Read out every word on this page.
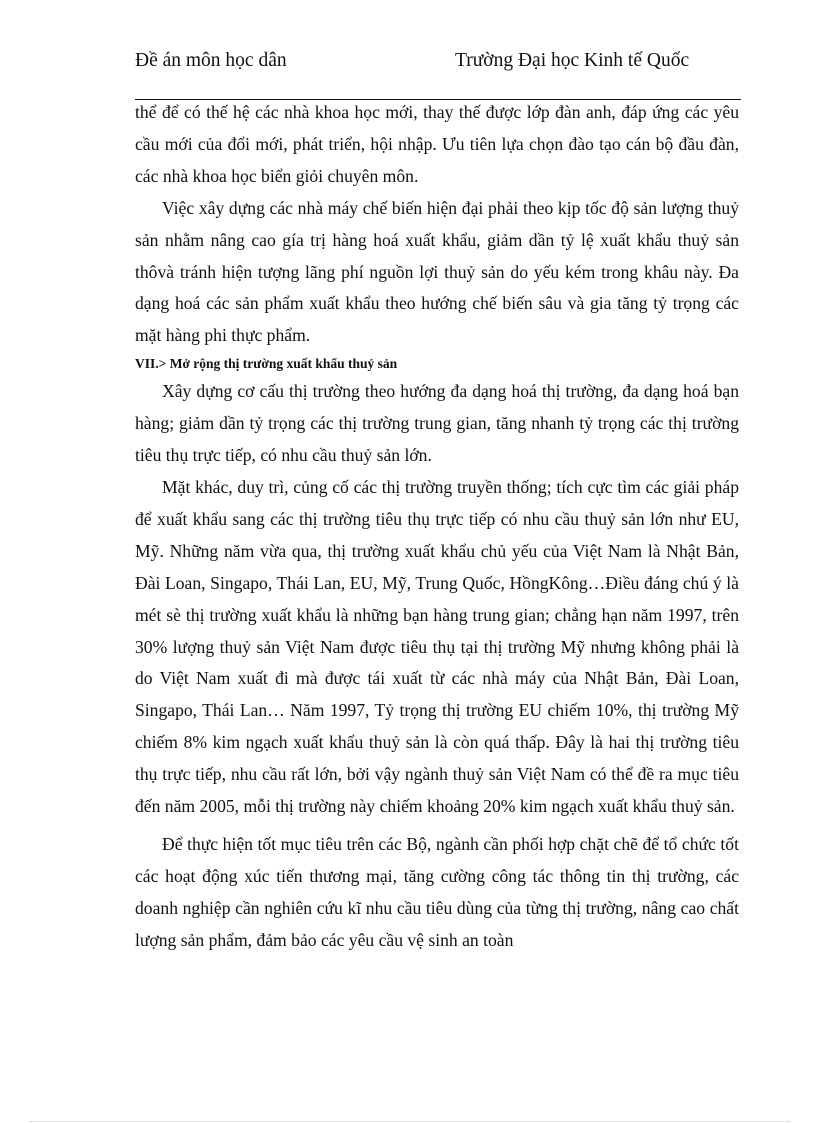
Đề án môn học dân	Trường Đại học Kinh tế Quốc

thể để có thế hệ các nhà khoa học mới, thay thế được lớp đàn anh, đáp ứng các yêu cầu mới của đổi mới, phát triển, hội nhập. Ưu tiên lựa chọn đào tạo cán bộ đầu đàn, các nhà khoa học biển giỏi chuyên môn.

Việc xây dựng các nhà máy chế biến hiện đại phải theo kịp tốc độ sản lượng thuỷ sản nhằm nâng cao gía trị hàng hoá xuất khẩu, giảm dần tỷ lệ xuất khẩu thuỷ sản thôvà tránh hiện tượng lãng phí nguồn lợi thuỷ sản do yếu kém trong khâu này. Đa dạng hoá các sản phẩm xuất khẩu theo hướng chế biến sâu và gia tăng tỷ trọng các mặt hàng phi thực phẩm.

VII.> Mở rộng thị trường xuất khẩu thuỷ sản

Xây dựng cơ cấu thị trường theo hướng đa dạng hoá thị trường, đa dạng hoá bạn hàng; giảm dần tỷ trọng các thị trường trung gian, tăng nhanh tỷ trọng các thị trường tiêu thụ trực tiếp, có nhu cầu thuỷ sản lớn.

Mặt khác, duy trì, củng cố các thị trường truyền thống; tích cực tìm các giải pháp để xuất khẩu sang các thị trường tiêu thụ trực tiếp có nhu cầu thuỷ sản lớn như EU, Mỹ. Những năm vừa qua, thị trường xuất khẩu chủ yếu của Việt Nam là Nhật Bản, Đài Loan, Singapo, Thái Lan, EU, Mỹ, Trung Quốc, HồngKông…Điều đáng chú ý là mét sè thị trường xuất khẩu là những bạn hàng trung gian; chẳng hạn năm 1997, trên 30% lượng thuỷ sản Việt Nam được tiêu thụ tại thị trường Mỹ nhưng không phải là do Việt Nam xuất đi mà được tái xuất từ các nhà máy của Nhật Bản, Đài Loan, Singapo, Thái Lan… Năm 1997, Tỷ trọng thị trường EU chiếm 10%, thị trường Mỹ chiếm 8% kim ngạch xuất khẩu thuỷ sản là còn quá thấp. Đây là hai thị trường tiêu thụ trực tiếp, nhu cầu rất lớn, bởi vậy ngành thuỷ sản Việt Nam có thể đề ra mục tiêu đến năm 2005, mỗi thị trường này chiếm khoảng 20% kim ngạch xuất khẩu thuỷ sản.

Để thực hiện tốt mục tiêu trên các Bộ, ngành cần phối hợp chặt chẽ để tổ chức tốt các hoạt động xúc tiến thương mại, tăng cường công tác thông tin thị trường, các doanh nghiệp cần nghiên cứu kĩ nhu cầu tiêu dùng của từng thị trường, nâng cao chất lượng sản phẩm, đảm bảo các yêu cầu vệ sinh an toàn
